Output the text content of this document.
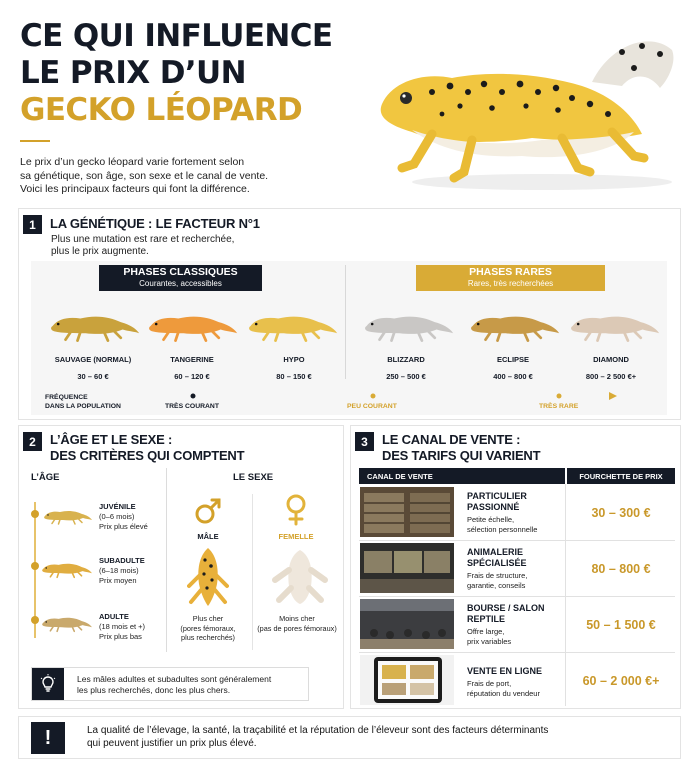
CE QUI INFLUENCE
LE PRIX D’UN
GECKO LÉOPARD
Le prix d’un gecko léopard varie fortement selon
sa génétique, son âge, son sexe et le canal de vente.
Voici les principaux facteurs qui font la différence.
1	LA GÉNÉTIQUE : LE FACTEUR N°1
Plus une mutation est rare et recherchée,
plus le prix augmente.
PHASES CLASSIQUES
Courantes, accessibles
PHASES RARES
Rares, très recherchées
SAUVAGE (NORMAL)
30 – 60 €
TANGERINE
60 – 120 €
HYPO
80 – 150 €
BLIZZARD
250 – 500 €
ECLIPSE
400 – 800 €
DIAMOND
800 – 2 500 €+
FRÉQUENCE
DANS LA POPULATION	TRÈS COURANT	PEU COURANT	TRÈS RARE
2	L’ÂGE ET LE SEXE :
DES CRITÈRES QUI COMPTENT
L’ÂGE	LE SEXE
JUVÉNILE
(0–6 mois)
Prix plus élevé
SUBADULTE
(6–18 mois)
Prix moyen
ADULTE
(18 mois et +)
Prix plus bas
MÂLE	FEMELLE
Plus cher
(pores fémoraux,
plus recherchés)
Moins cher
(pas de pores fémoraux)
Les mâles adultes et subadultes sont généralement
les plus recherchés, donc les plus chers.
3	LE CANAL DE VENTE :
DES TARIFS QUI VARIENT
CANAL DE VENTE	FOURCHETTE DE PRIX
PARTICULIER
PASSIONNÉ
Petite échelle,
sélection personnelle
30 – 300 €
ANIMALERIE
SPÉCIALISÉE
Frais de structure,
garantie, conseils
80 – 800 €
BOURSE / SALON
REPTILE
Offre large,
prix variables
50 – 1 500 €
VENTE EN LIGNE
Frais de port,
réputation du vendeur
60 – 2 000 €+
!	La qualité de l’élevage, la santé, la traçabilité et la réputation de l’éleveur sont des facteurs déterminants
qui peuvent justifier un prix plus élevé.
